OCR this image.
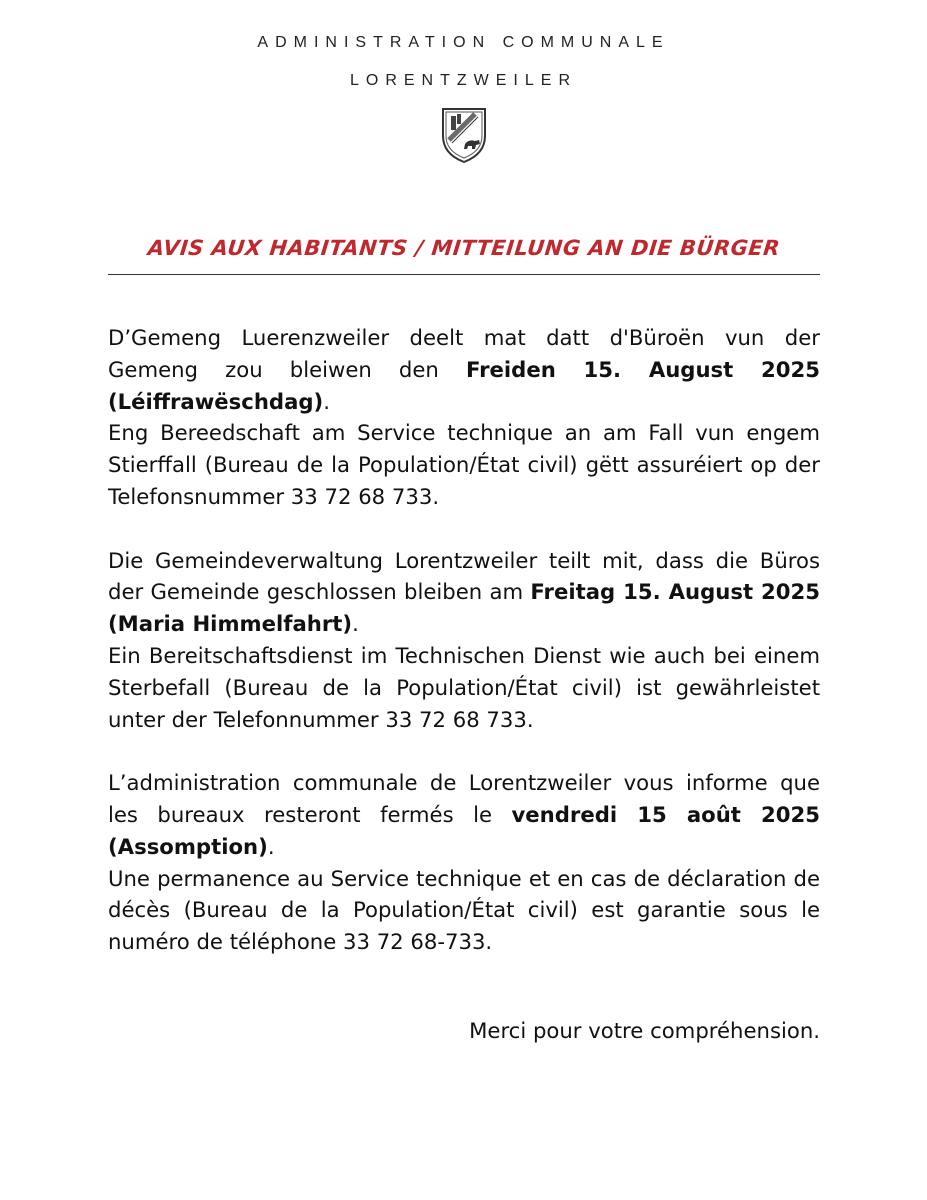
ADMINISTRATION COMMUNALE
LORENTZWEILER
AVIS AUX HABITANTS / MITTEILUNG AN DIE BÜRGER

D’Gemeng Luerenzweiler deelt mat datt d'Büroën vun der Gemeng zou bleiwen den Freiden 15. August 2025 (Léiffrawëschdag).

Eng Bereedschaft am Service technique an am Fall vun engem Stierffall (Bureau de la Population/État civil) gëtt assuréiert op der Telefonsnummer 33 72 68 733.

Die Gemeindeverwaltung Lorentzweiler teilt mit, dass die Büros der Gemeinde geschlossen bleiben am Freitag 15. August 2025 (Maria Himmelfahrt).

Ein Bereitschaftsdienst im Technischen Dienst wie auch bei einem Sterbefall (Bureau de la Population/État civil) ist gewährleistet unter der Telefonnummer 33 72 68 733.

L’administration communale de Lorentzweiler vous informe que les bureaux resteront fermés le vendredi 15 août 2025 (Assomption).

Une permanence au Service technique et en cas de déclaration de décès (Bureau de la Population/État civil) est garantie sous le numéro de téléphone 33 72 68-733.

Merci pour votre compréhension.
